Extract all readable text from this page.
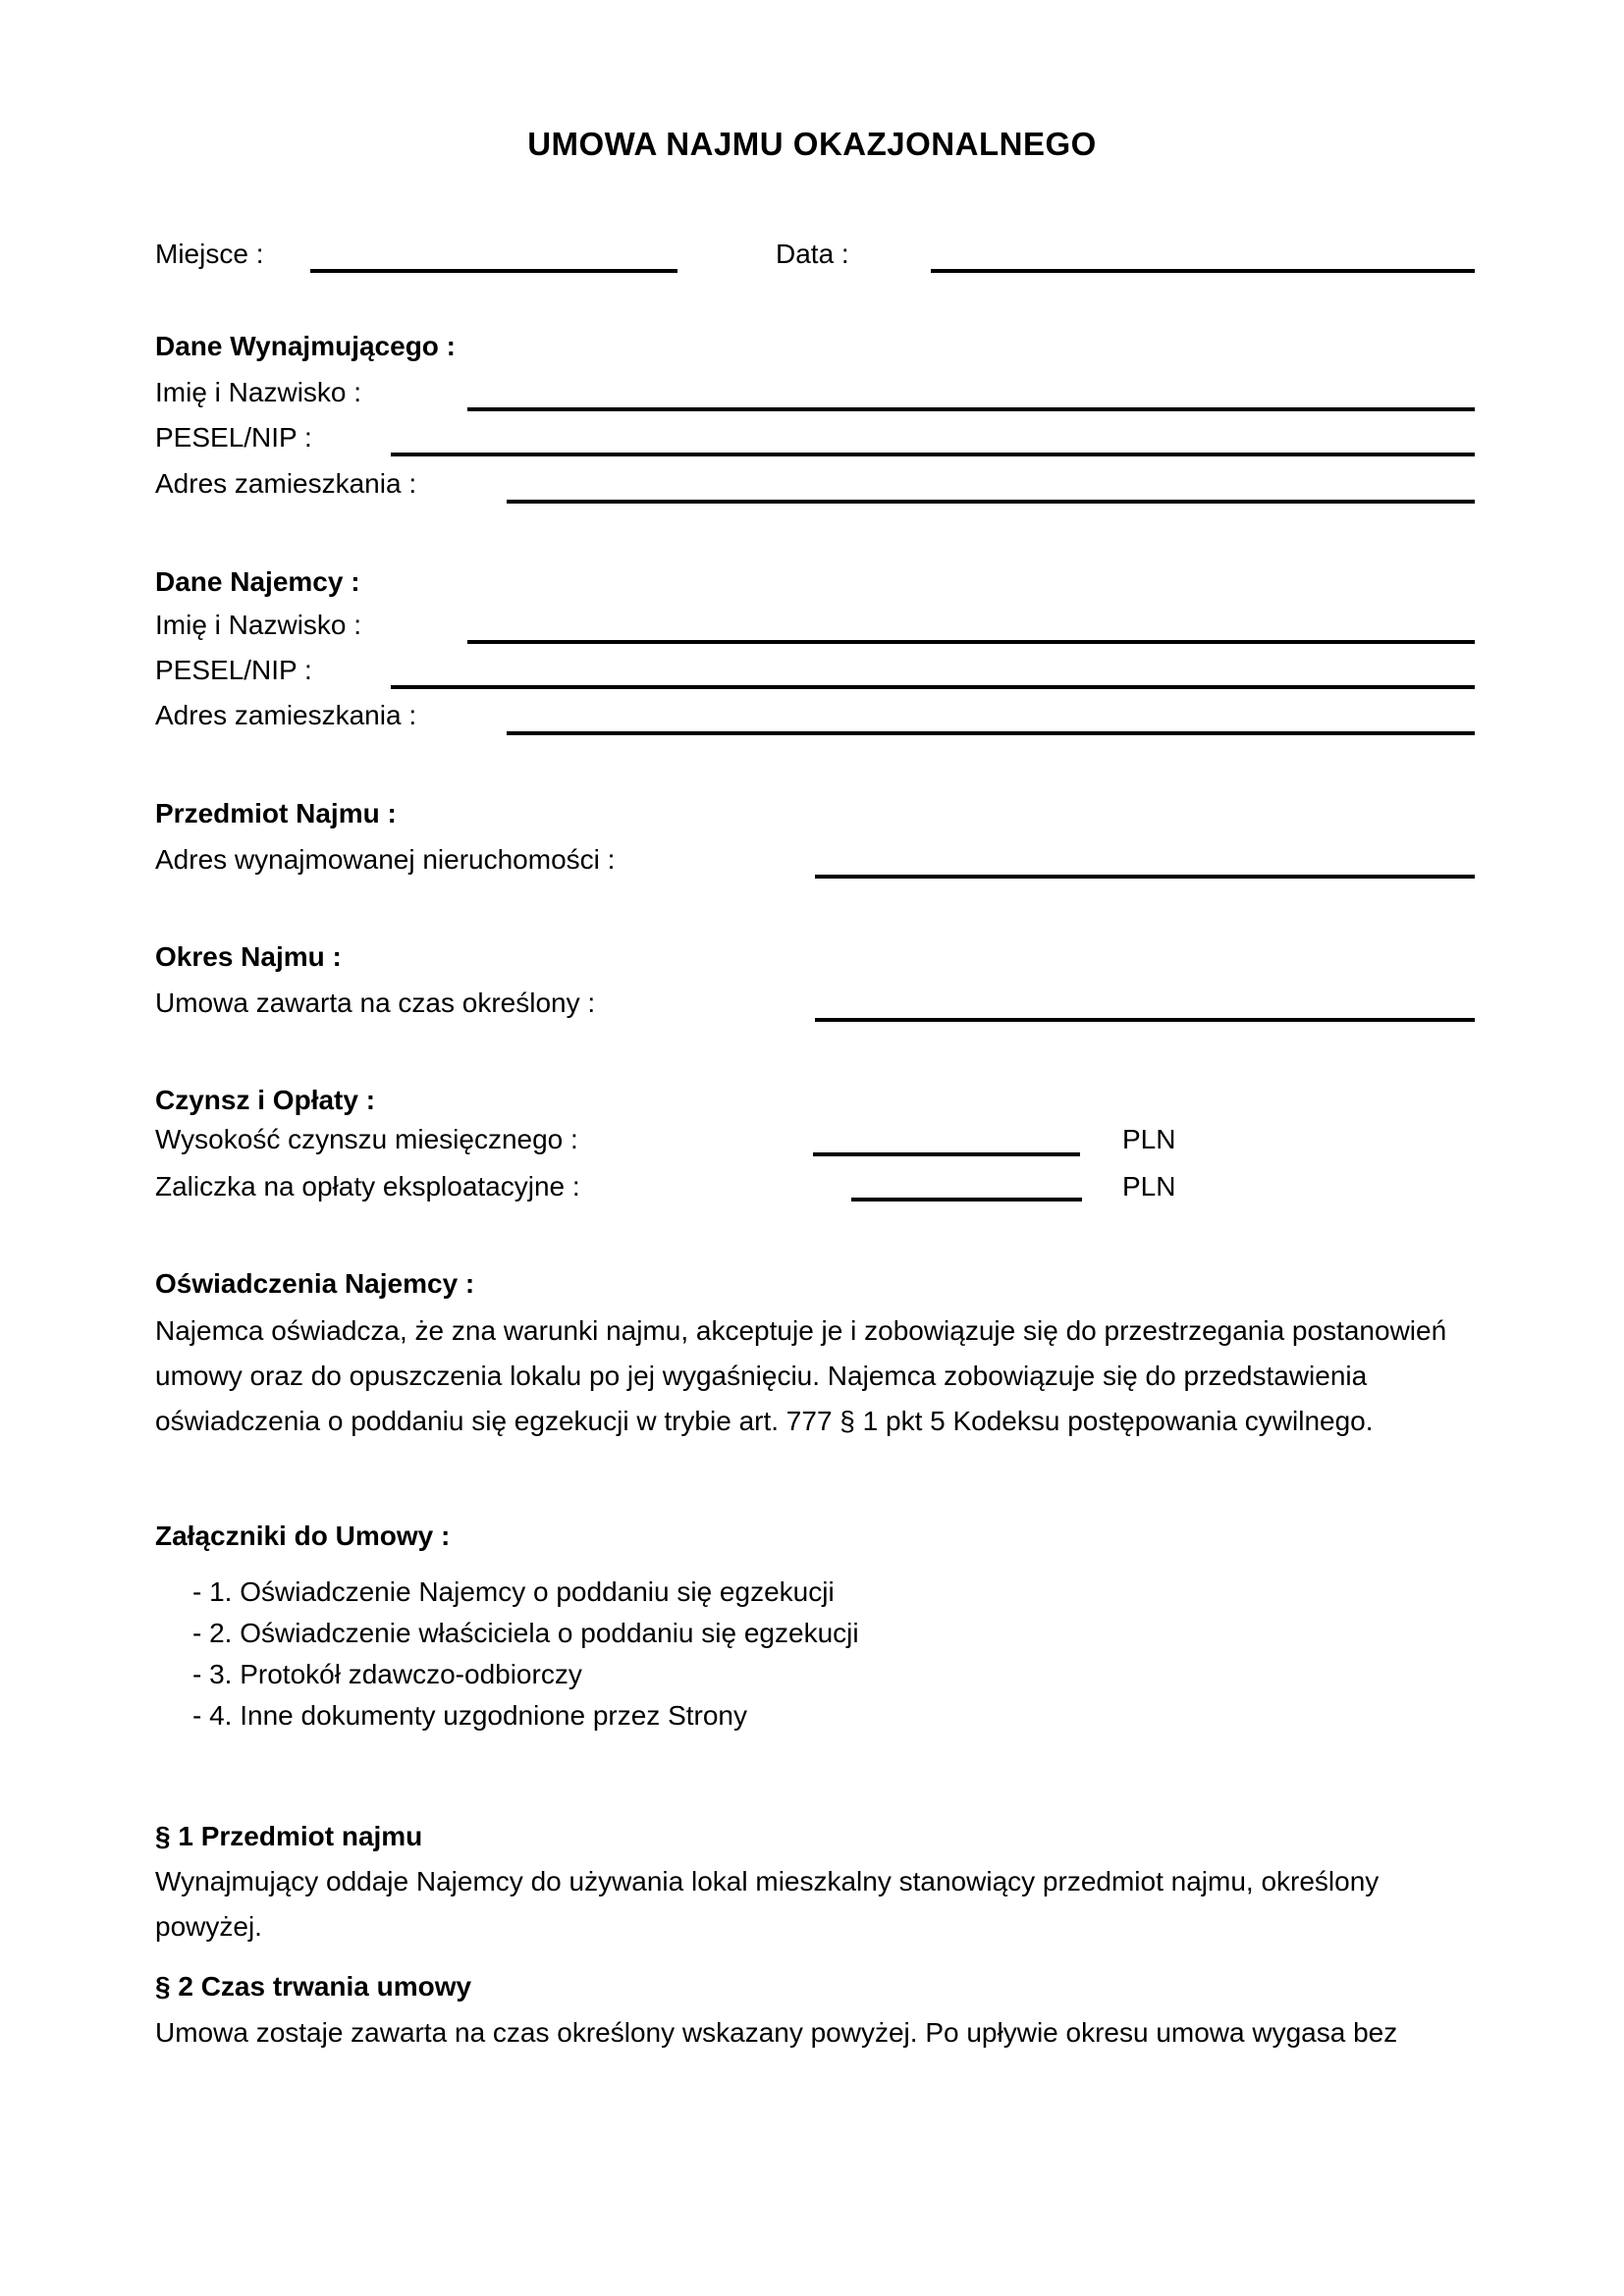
UMOWA NAJMU OKAZJONALNEGO
Miejsce :	Data :
Dane Wynajmującego :
Imię i Nazwisko :
PESEL/NIP :
Adres zamieszkania :
Dane Najemcy :
Imię i Nazwisko :
PESEL/NIP :
Adres zamieszkania :
Przedmiot Najmu :
Adres wynajmowanej nieruchomości :
Okres Najmu :
Umowa zawarta na czas określony :
Czynsz i Opłaty :
Wysokość czynszu miesięcznego :	PLN
Zaliczka na opłaty eksploatacyjne :	PLN
Oświadczenia Najemcy :
Najemca oświadcza, że zna warunki najmu, akceptuje je i zobowiązuje się do przestrzegania postanowień
umowy oraz do opuszczenia lokalu po jej wygaśnięciu. Najemca zobowiązuje się do przedstawienia
oświadczenia o poddaniu się egzekucji w trybie art. 777 § 1 pkt 5 Kodeksu postępowania cywilnego.
Załączniki do Umowy :
- 1. Oświadczenie Najemcy o poddaniu się egzekucji
- 2. Oświadczenie właściciela o poddaniu się egzekucji
- 3. Protokół zdawczo-odbiorczy
- 4. Inne dokumenty uzgodnione przez Strony
§ 1 Przedmiot najmu
Wynajmujący oddaje Najemcy do używania lokal mieszkalny stanowiący przedmiot najmu, określony
powyżej.
§ 2 Czas trwania umowy
Umowa zostaje zawarta na czas określony wskazany powyżej. Po upływie okresu umowa wygasa bez
